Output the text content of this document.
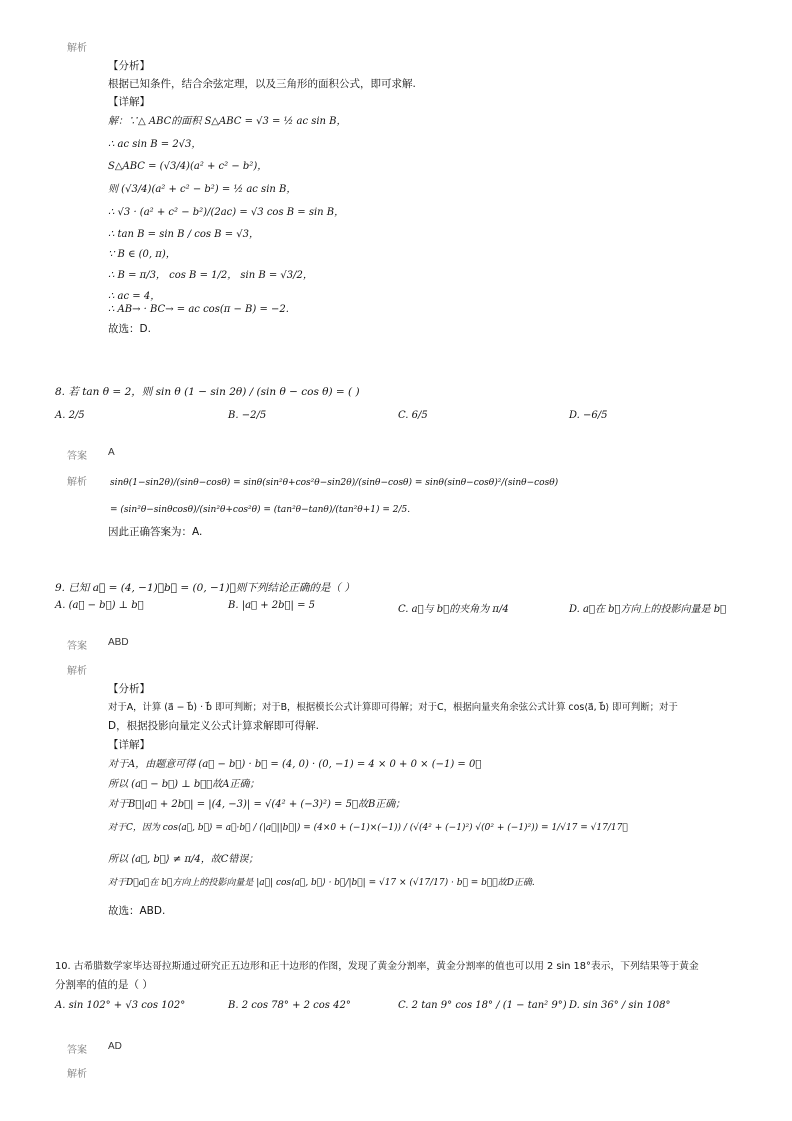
解析
【分析】
根据已知条件，结合余弦定理，以及三角形的面积公式，即可求解.
【详解】
解：∵△ ABC的面积 S△ABC = √3 = ½ ac sin B，
∴ ac sin B = 2√3，
S△ABC = (√3/4)(a² + c² − b²)，
则 (√3/4)(a² + c² − b²) = ½ ac sin B，
∴ √3 · (a² + c² − b²)/(2ac) = √3 cos B = sin B，
∴ tan B = sin B / cos B = √3，
∵ B ∈ (0, π)，
∴ B = π/3， cos B = 1/2， sin B = √3/2，
∴ ac = 4，
∴ AB→ · BC→ = ac cos(π − B) = −2.
故选：D.
8. 若 tan θ = 2，则 sin θ (1 − sin 2θ) / (sin θ − cos θ) = ( )
A. 2/5	B. −2/5	C. 6/5	D. −6/5
答案 A
解析	sinθ(1−sin2θ)/(sinθ−cosθ) = sinθ(sin²θ+cos²θ−sin2θ)/(sinθ−cosθ) = sinθ(sinθ−cosθ)²/(sinθ−cosθ)
= (sin²θ−sinθcosθ)/(sin²θ+cos²θ) = (tan²θ−tanθ)/(tan²θ+1) = 2/5.
因此正确答案为：A.
9. 已知 a⃗ = (4, −1)，b⃗ = (0, −1)，则下列结论正确的是（ ）
A. (a⃗ − b⃗) ⊥ b⃗	B. |a⃗ + 2b⃗| = 5	C. a⃗与 b⃗的夹角为 π/4	D. a⃗在 b⃗方向上的投影向量是 b⃗
答案 ABD
解析
【分析】
对于A，计算 (a⃗ − b⃗) · b⃗ 即可判断；对于B，根据模长公式计算即可得解；对于C，根据向量夹角余弦公式计算 cos⟨a⃗, b⃗⟩ 即可判断；对于
D，根据投影向量定义公式计算求解即可得解.
【详解】
对于A，由题意可得 (a⃗ − b⃗) · b⃗ = (4, 0) · (0, −1) = 4 × 0 + 0 × (−1) = 0，
所以 (a⃗ − b⃗) ⊥ b⃗，故A正确；
对于B，|a⃗ + 2b⃗| = |(4, −3)| = √(4² + (−3)²) = 5，故B正确；
对于C，因为 cos⟨a⃗, b⃗⟩ = a⃗·b⃗ / (|a⃗||b⃗|) = (4×0 + (−1)×(−1)) / (√(4² + (−1)²) √(0² + (−1)²)) = 1/√17 = √17/17，
所以 ⟨a⃗, b⃗⟩ ≠ π/4，故C错误；
对于D，a⃗在 b⃗方向上的投影向量是 |a⃗| cos⟨a⃗, b⃗⟩ · b⃗/|b⃗| = √17 × (√17/17) · b⃗ = b⃗，故D正确.
故选：ABD.
10. 古希腊数学家毕达哥拉斯通过研究正五边形和正十边形的作图，发现了黄金分割率，黄金分割率的值也可以用 2 sin 18°表示，下列结果等于黄金
分割率的值的是（ ）
A. sin 102° + √3 cos 102°	B. 2 cos 78° + 2 cos 42°	C. 2 tan 9° cos 18° / (1 − tan² 9°) D. sin 36° / sin 108°
答案 AD
解析
